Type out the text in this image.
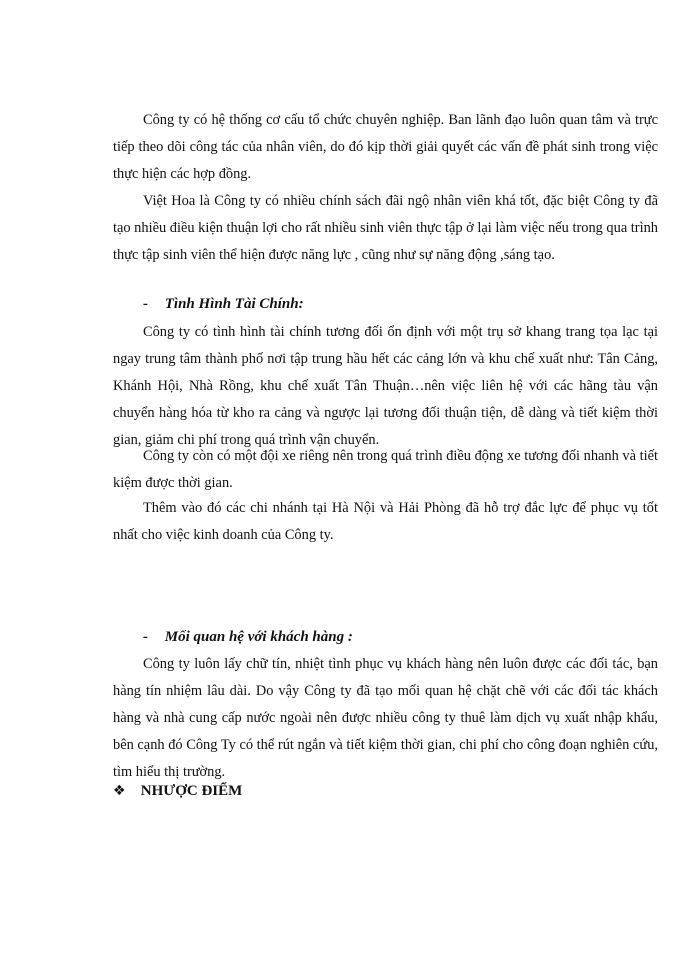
Công ty có hệ thống cơ cấu tổ chức chuyên nghiệp. Ban lãnh đạo luôn quan tâm và trực tiếp theo dõi công tác của nhân viên, do đó kịp thời giải quyết các vấn đề phát sinh trong việc thực hiện các hợp đồng.

Việt Hoa là Công ty có nhiều chính sách đãi ngộ nhân viên khá tốt, đặc biệt Công ty đã tạo nhiều điều kiện thuận lợi cho rất nhiều sinh viên thực tập ở lại làm việc nếu trong qua trình thực tập sinh viên thể hiện được năng lực , cũng như sự năng động ,sáng tạo.

- Tình Hình Tài Chính:

Công ty có tình hình tài chính tương đối ổn định với một trụ sở khang trang tọa lạc tại ngay trung tâm thành phố nơi tập trung hầu hết các cảng lớn và khu chế xuất như: Tân Cảng, Khánh Hội, Nhà Rồng, khu chế xuất Tân Thuận…nên việc liên hệ với các hãng tàu vận chuyển hàng hóa từ kho ra cảng và ngược lại tương đối thuận tiện, dễ dàng và tiết kiệm thời gian, giảm chi phí trong quá trình vận chuyển.

Công ty còn có một đội xe riêng nên trong quá trình điều động xe tương đối nhanh và tiết kiệm được thời gian.

Thêm vào đó các chi nhánh tại Hà Nội và Hải Phòng đã hỗ trợ đắc lực để phục vụ tốt nhất cho việc kinh doanh của Công ty.

- Mối quan hệ với khách hàng :

Công ty luôn lấy chữ tín, nhiệt tình phục vụ khách hàng nên luôn được các đối tác, bạn hàng tín nhiệm lâu dài. Do vậy Công ty đã tạo mối quan hệ chặt chẽ với các đối tác khách hàng và nhà cung cấp nước ngoài nên được nhiều công ty thuê làm dịch vụ xuất nhập khẩu, bên cạnh đó Công Ty có thể rút ngắn và tiết kiệm thời gian, chi phí cho công đoạn nghiên cứu, tìm hiểu thị trường.

❖ NHƯỢC ĐIỂM
